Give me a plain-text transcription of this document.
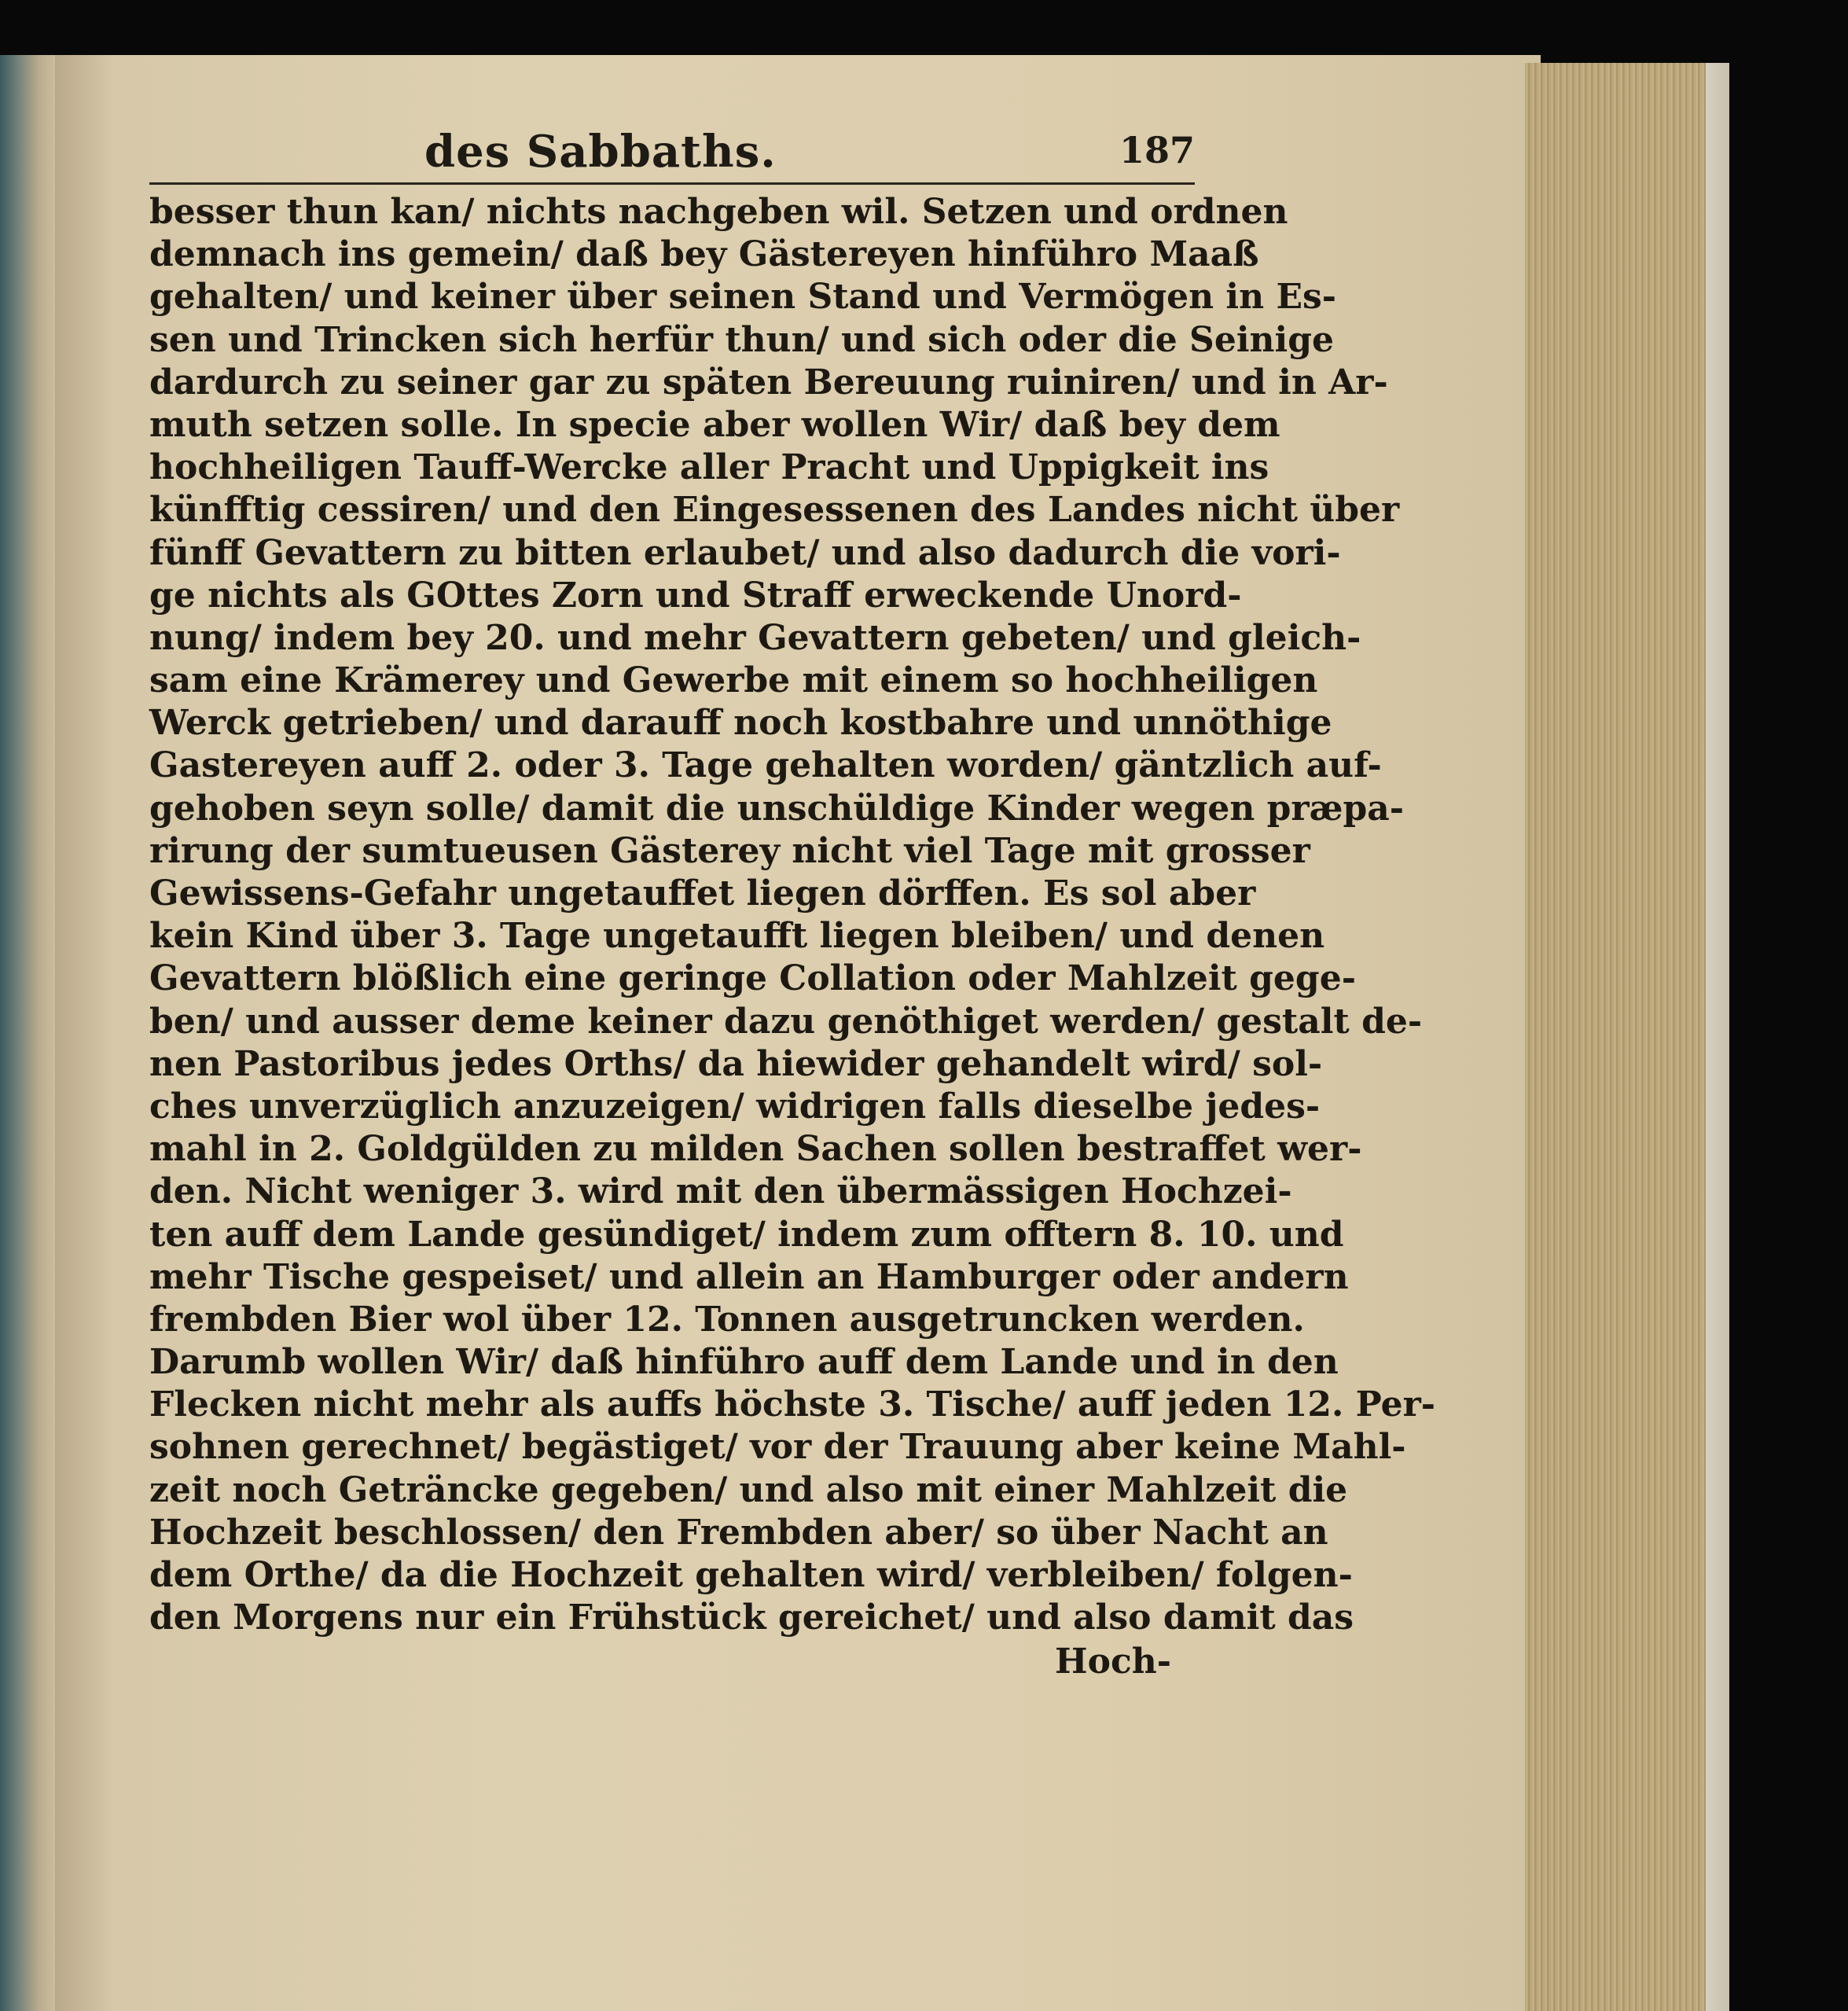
des Sabbaths.	187
besser thun kan/ nichts nachgeben wil. Setzen und ordnen
demnach ins gemein/ daß bey Gästereyen hinführo Maaß
gehalten/ und keiner über seinen Stand und Vermögen in Es-
sen und Trincken sich herfür thun/ und sich oder die Seinige
dardurch zu seiner gar zu späten Bereuung ruiniren/ und in Ar-
muth setzen solle. In specie aber wollen Wir/ daß bey dem
hochheiligen Tauff-Wercke aller Pracht und Uppigkeit ins
künfftig cessiren/ und den Eingesessenen des Landes nicht über
fünff Gevattern zu bitten erlaubet/ und also dadurch die vori-
ge nichts als GOttes Zorn und Straff erweckende Unord-
nung/ indem bey 20. und mehr Gevattern gebeten/ und gleich-
sam eine Krämerey und Gewerbe mit einem so hochheiligen
Werck getrieben/ und darauff noch kostbahre und unnöthige
Gastereyen auff 2. oder 3. Tage gehalten worden/ gäntzlich auf-
gehoben seyn solle/ damit die unschüldige Kinder wegen præpa-
rirung der sumtueusen Gästerey nicht viel Tage mit grosser
Gewissens-Gefahr ungetauffet liegen dörffen. Es sol aber
kein Kind über 3. Tage ungetaufft liegen bleiben/ und denen
Gevattern blößlich eine geringe Collation oder Mahlzeit gege-
ben/ und ausser deme keiner dazu genöthiget werden/ gestalt de-
nen Pastoribus jedes Orths/ da hiewider gehandelt wird/ sol-
ches unverzüglich anzuzeigen/ widrigen falls dieselbe jedes-
mahl in 2. Goldgülden zu milden Sachen sollen bestraffet wer-
den. Nicht weniger 3. wird mit den übermässigen Hochzei-
ten auff dem Lande gesündiget/ indem zum offtern 8. 10. und
mehr Tische gespeiset/ und allein an Hamburger oder andern
frembden Bier wol über 12. Tonnen ausgetruncken werden.
Darumb wollen Wir/ daß hinführo auff dem Lande und in den
Flecken nicht mehr als auffs höchste 3. Tische/ auff jeden 12. Per-
sohnen gerechnet/ begästiget/ vor der Trauung aber keine Mahl-
zeit noch Geträncke gegeben/ und also mit einer Mahlzeit die
Hochzeit beschlossen/ den Frembden aber/ so über Nacht an
dem Orthe/ da die Hochzeit gehalten wird/ verbleiben/ folgen-
den Morgens nur ein Frühstück gereichet/ und also damit das
Hoch-
